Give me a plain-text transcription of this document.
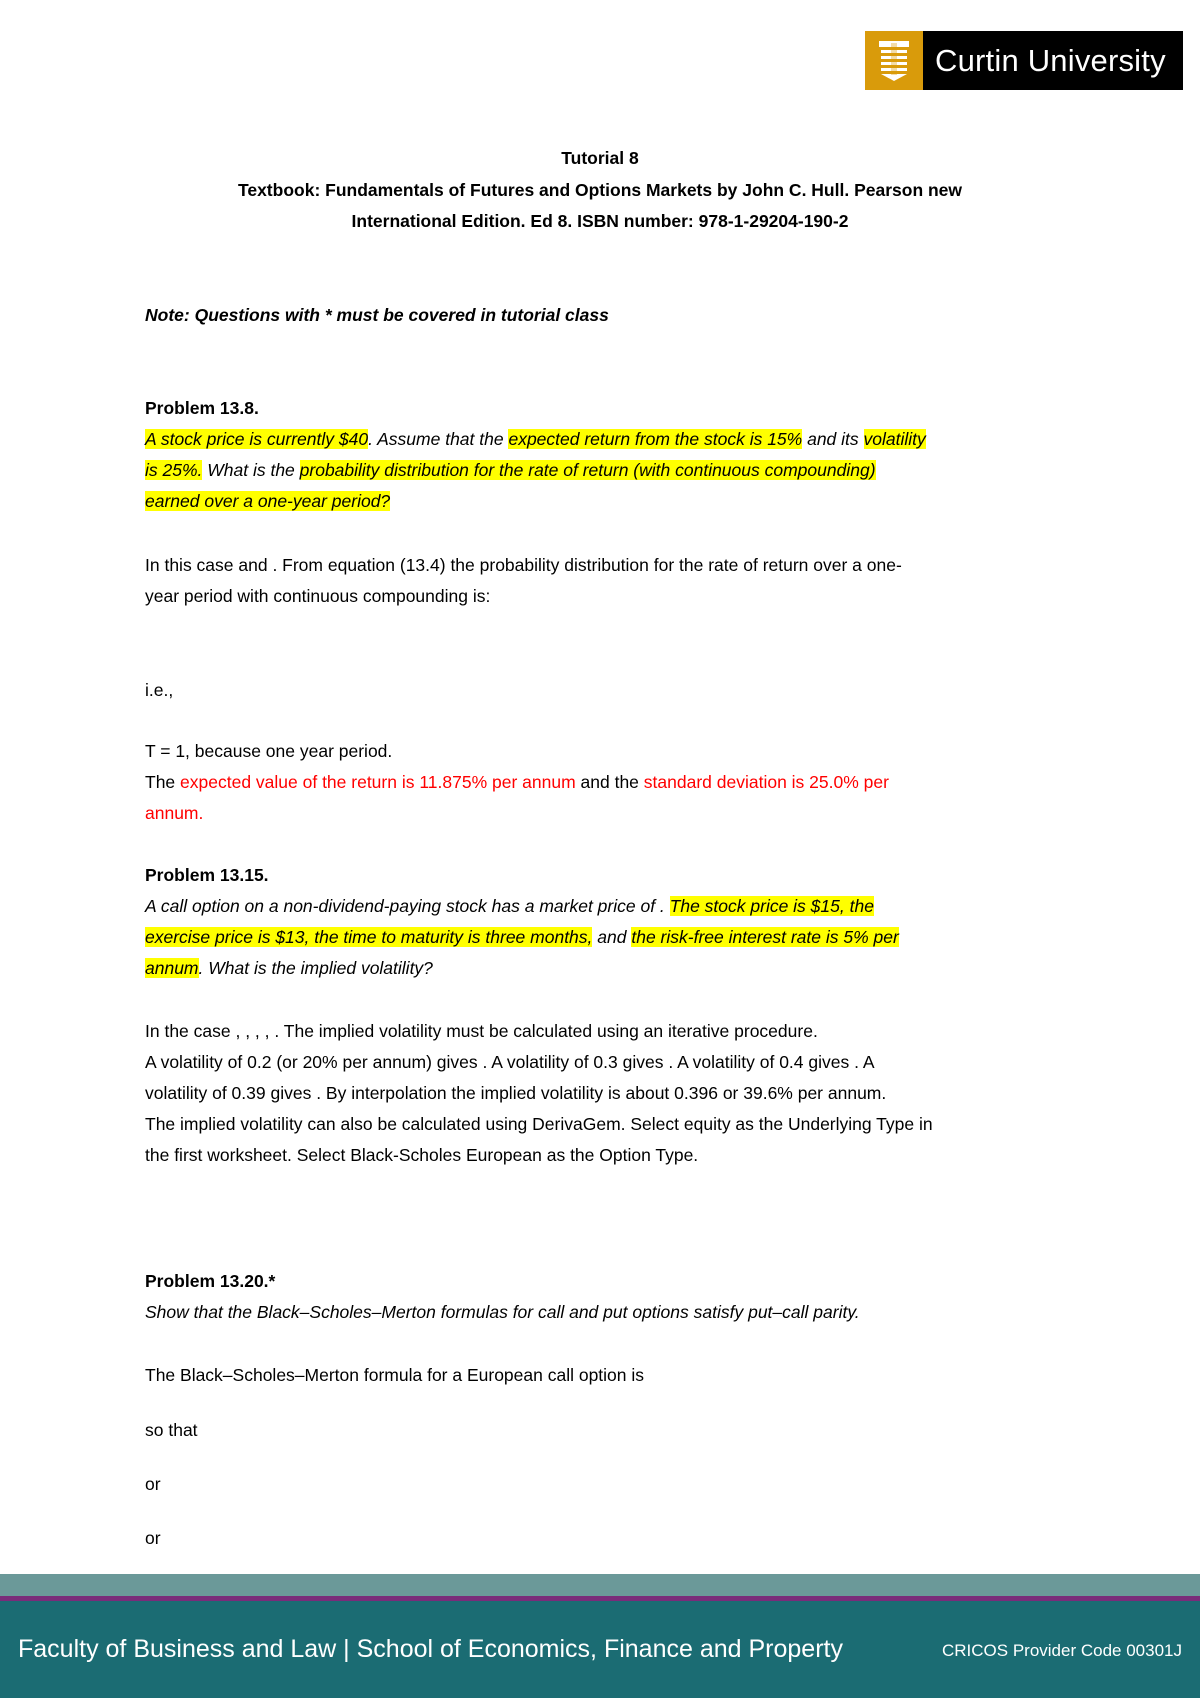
Curtin University
Tutorial 8
Textbook: Fundamentals of Futures and Options Markets by John C. Hull. Pearson new
International Edition. Ed 8. ISBN number: 978-1-29204-190-2
Note: Questions with * must be covered in tutorial class
Problem 13.8.
A stock price is currently $40. Assume that the expected return from the stock is 15% and its volatility
is 25%. What is the probability distribution for the rate of return (with continuous compounding)
earned over a one-year period?
In this case and . From equation (13.4) the probability distribution for the rate of return over a one-
year period with continuous compounding is:
i.e.,
T = 1, because one year period.
The expected value of the return is 11.875% per annum and the standard deviation is 25.0% per
annum.
Problem 13.15.
A call option on a non-dividend-paying stock has a market price of . The stock price is $15, the
exercise price is $13, the time to maturity is three months, and the risk-free interest rate is 5% per
annum. What is the implied volatility?
In the case , , , , . The implied volatility must be calculated using an iterative procedure.
A volatility of 0.2 (or 20% per annum) gives . A volatility of 0.3 gives . A volatility of 0.4 gives . A
volatility of 0.39 gives . By interpolation the implied volatility is about 0.396 or 39.6% per annum.
The implied volatility can also be calculated using DerivaGem. Select equity as the Underlying Type in
the first worksheet. Select Black-Scholes European as the Option Type.
Problem 13.20.*
Show that the Black–Scholes–Merton formulas for call and put options satisfy put–call parity.
The Black–Scholes–Merton formula for a European call option is
so that
or
or
Faculty of Business and Law | School of Economics, Finance and Property	CRICOS Provider Code 00301J
